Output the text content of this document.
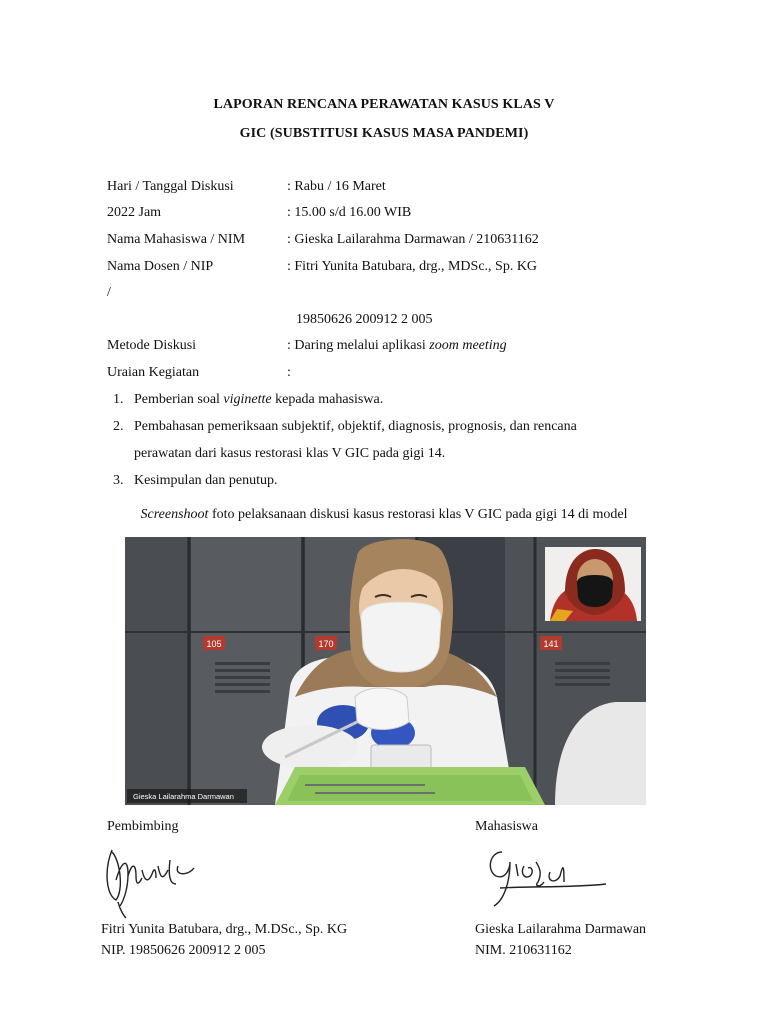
LAPORAN RENCANA PERAWATAN KASUS KLAS V
GIC (SUBSTITUSI KASUS MASA PANDEMI)
Hari / Tanggal Diskusi	: Rabu / 16 Maret
2022 Jam	: 15.00 s/d 16.00 WIB
Nama Mahasiswa / NIM	: Gieska Lailarahma Darmawan / 210631162
Nama Dosen / NIP	: Fitri Yunita Batubara, drg., MDSc., Sp. KG
/
19850626 200912 2 005
Metode Diskusi	: Daring melalui aplikasi zoom meeting
Uraian Kegiatan	:
1. Pemberian soal viginette kepada mahasiswa.
2. Pembahasan pemeriksaan subjektif, objektif, diagnosis, prognosis, dan rencana
perawatan dari kasus restorasi klas V GIC pada gigi 14.
3. Kesimpulan dan penutup.
Screenshoot foto pelaksanaan diskusi kasus restorasi klas V GIC pada gigi 14 di model
105	170	141
Gieska Lailarahma Darmawan
Pembimbing	Mahasiswa
Fitri Yunita Batubara, drg., M.DSc., Sp. KG
NIP. 19850626 200912 2 005
Gieska Lailarahma Darmawan
NIM. 210631162
